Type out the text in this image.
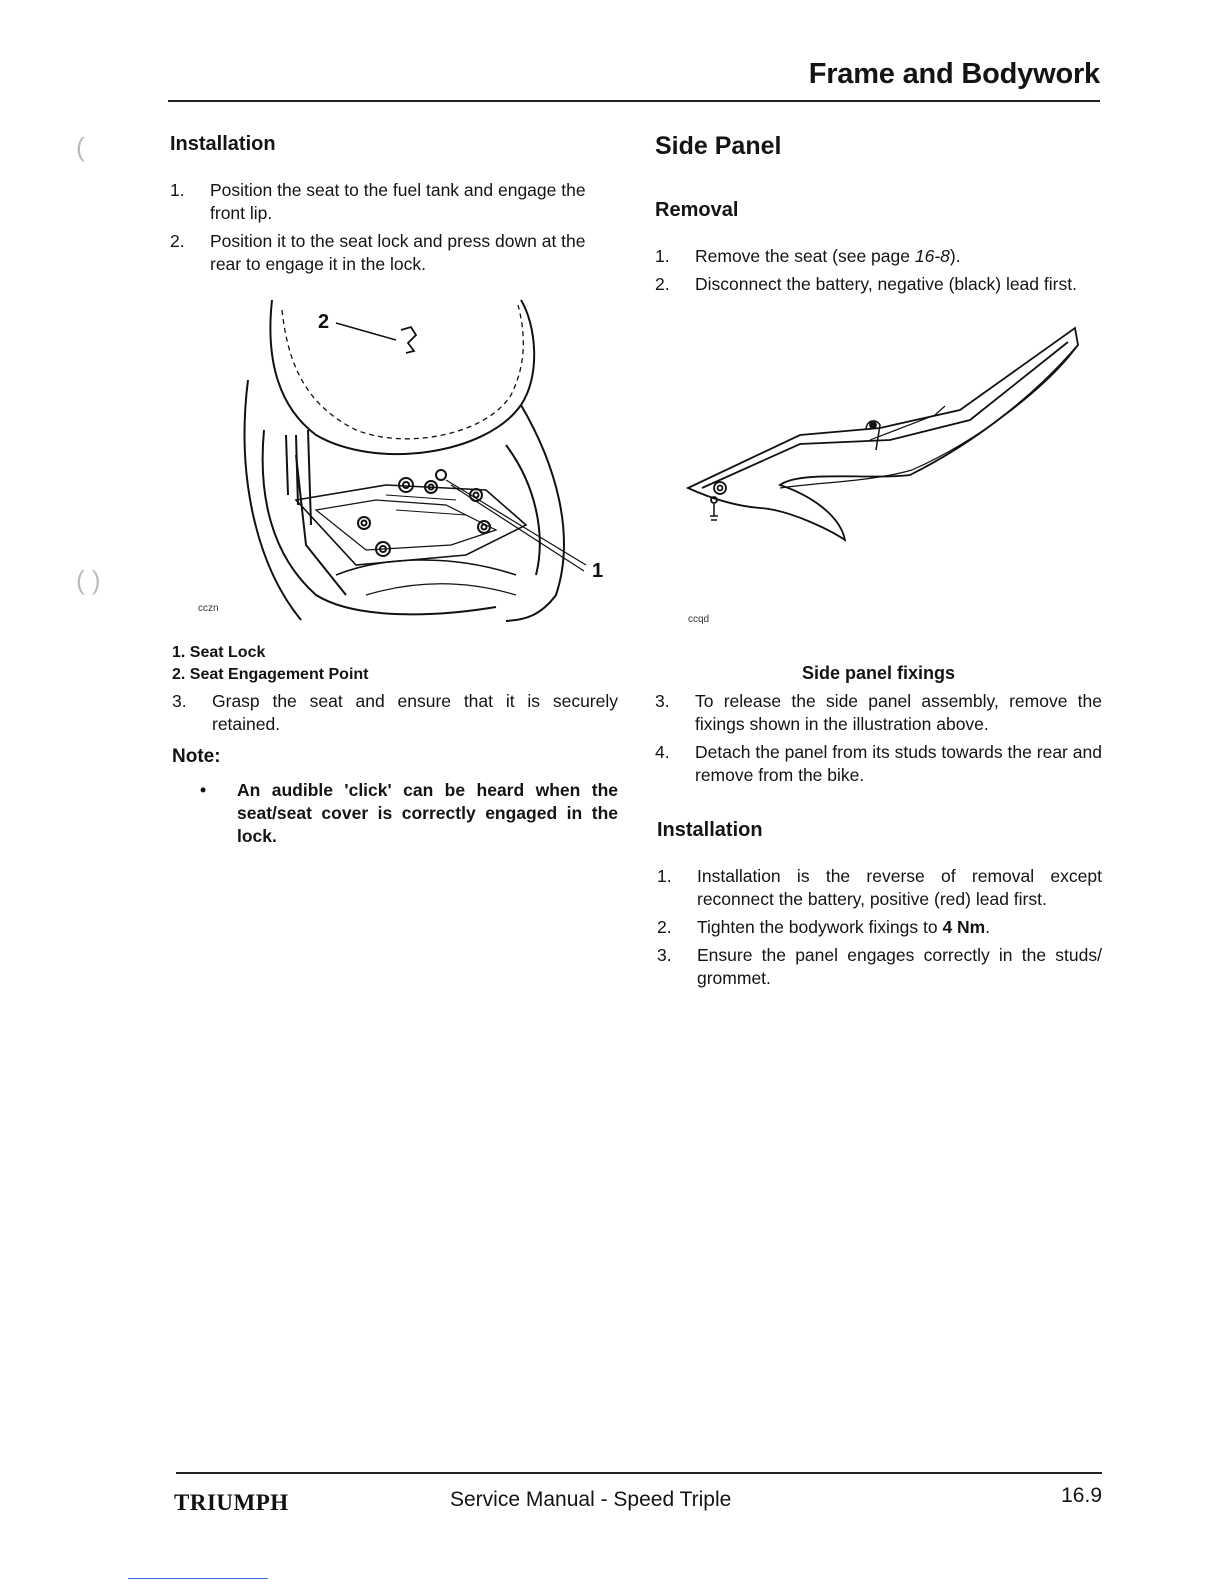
(
( )
Frame and Bodywork
Installation
1. Position the seat to the fuel tank and engage the front lip.
2. Position it to the seat lock and press down at the rear to engage it in the lock.
2
1
cczn
1. Seat Lock
2. Seat Engagement Point
3. Grasp the seat and ensure that it is securely retained.
Note:
• An audible 'click' can be heard when the seat/seat cover is correctly engaged in the lock.
Side Panel
Removal
1. Remove the seat (see page 16-8).
2. Disconnect the battery, negative (black) lead first.
ccqd
Side panel fixings
3. To release the side panel assembly, remove the fixings shown in the illustration above.
4. Detach the panel from its studs towards the rear and remove from the bike.
Installation
1. Installation is the reverse of removal except reconnect the battery, positive (red) lead first.
2. Tighten the bodywork fixings to 4 Nm.
3. Ensure the panel engages correctly in the studs/ grommet.
TRIUMPH	Service Manual - Speed Triple	16.9
